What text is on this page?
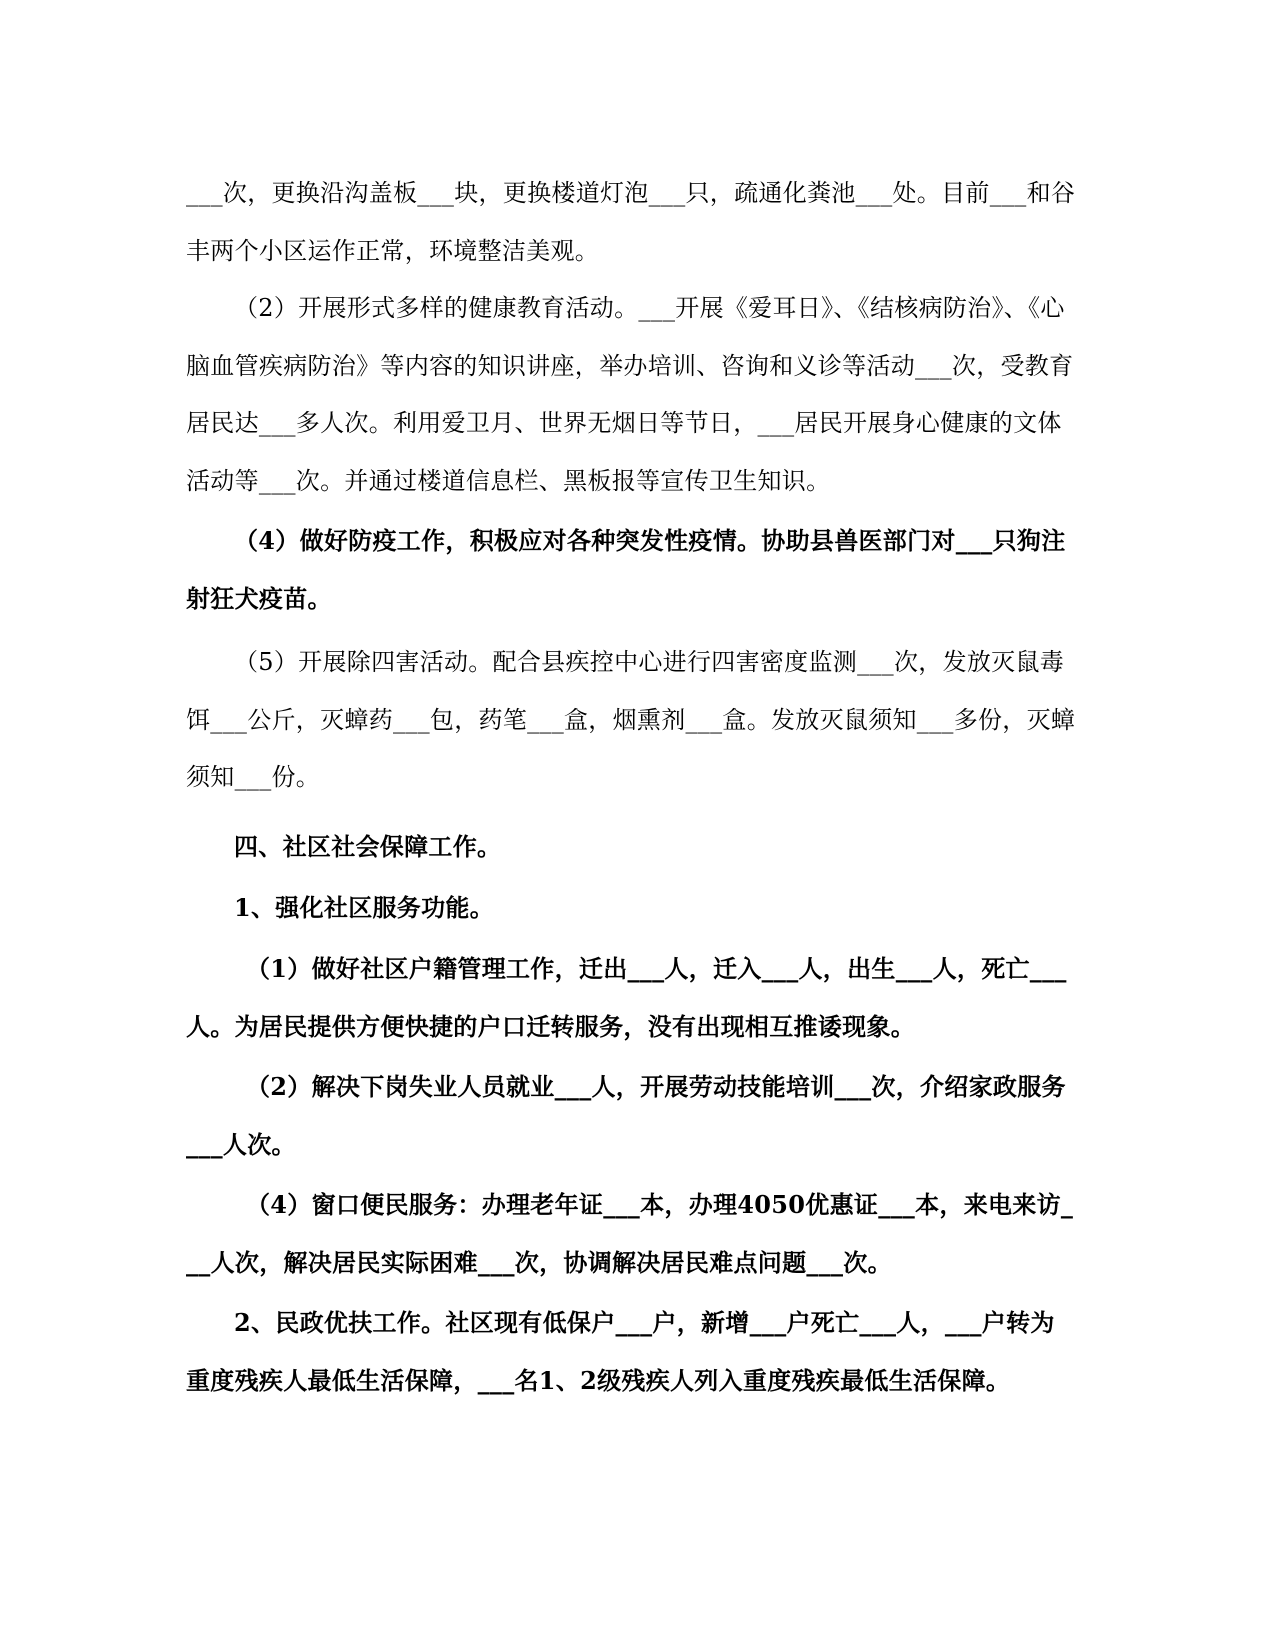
___次，更换沿沟盖板___块，更换楼道灯泡___只，疏通化粪池___处。目前___和谷丰两个小区运作正常，环境整洁美观。

（2）开展形式多样的健康教育活动。___开展《爱耳日》、《结核病防治》、《心脑血管疾病防治》等内容的知识讲座，举办培训、咨询和义诊等活动___次，受教育居民达___多人次。利用爱卫月、世界无烟日等节日，___居民开展身心健康的文体活动等___次。并通过楼道信息栏、黑板报等宣传卫生知识。

（4）做好防疫工作，积极应对各种突发性疫情。协助县兽医部门对___只狗注射狂犬疫苗。

（5）开展除四害活动。配合县疾控中心进行四害密度监测___次，发放灭鼠毒饵___公斤，灭蟑药___包，药笔___盒，烟熏剂___盒。发放灭鼠须知___多份，灭蟑须知___份。

四、社区社会保障工作。

1、强化社区服务功能。

（1）做好社区户籍管理工作，迁出___人，迁入___人，出生___人，死亡___人。为居民提供方便快捷的户口迁转服务，没有出现相互推诿现象。

（2）解决下岗失业人员就业___人，开展劳动技能培训___次，介绍家政服务___人次。

（4）窗口便民服务：办理老年证___本，办理4050优惠证___本，来电来访___人次，解决居民实际困难___次，协调解决居民难点问题___次。

2、民政优扶工作。社区现有低保户___户，新增___户死亡___人，___户转为重度残疾人最低生活保障，___名1、2级残疾人列入重度残疾最低生活保障。
